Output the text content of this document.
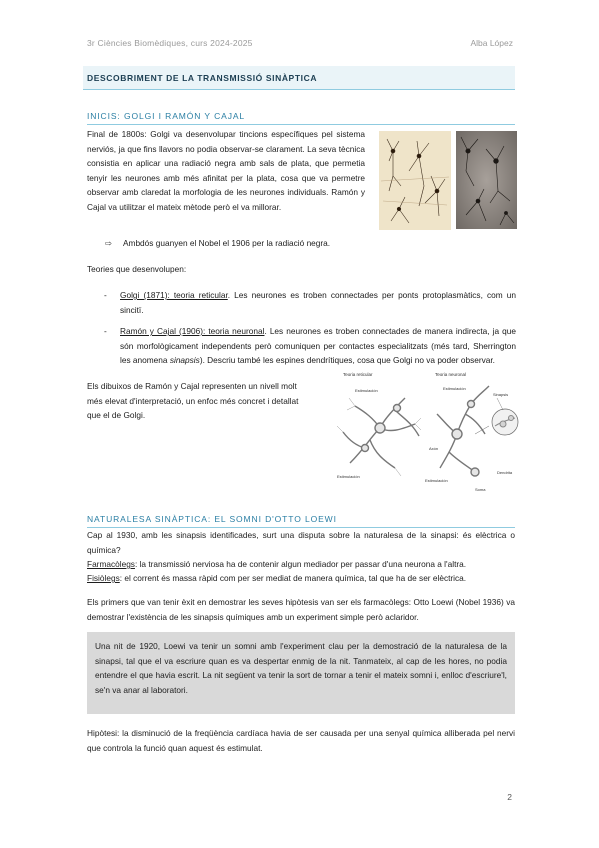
3r Ciències Biomèdiques, curs 2024-2025	Alba López
DESCOBRIMENT DE LA TRANSMISSIÓ SINÀPTICA
INICIS: GOLGI I RAMÓN Y CAJAL
Final de 1800s: Golgi va desenvolupar tincions específiques pel sistema nerviós, ja que fins llavors no podia observar-se clarament. La seva tècnica consistia en aplicar una radiació negra amb sals de plata, que permetia tenyir les neurones amb més afinitat per la plata, cosa que va permetre observar amb claredat la morfologia de les neurones individuals. Ramón y Cajal va utilitzar el mateix mètode però el va millorar.
⇨ Ambdós guanyen el Nobel el 1906 per la radiació negra.
Teories que desenvolupen:
- Golgi (1871): teoria reticular. Les neurones es troben connectades per ponts protoplasmàtics, com un sincitï.
- Ramón y Cajal (1906): teoria neuronal. Les neurones es troben connectades de manera indirecta, ja que són morfològicament independents però comuniquen per contactes especialitzats (més tard, Sherrington les anomena sinapsis). Descriu també les espines dendrítiques, cosa que Golgi no va poder observar.
Els dibuixos de Ramón y Cajal representen un nivell molt més elevat d'interpretació, un enfoc més concret i detallat que el de Golgi.
Teoria reticular
Estimulación
Estimulación
Teoria neuronal
Estimulación
Sinapsis
Axón
Dendrita
Estimulación
Soma
NATURALESA SINÀPTICA: EL SOMNI D'OTTO LOEWI
Cap al 1930, amb les sinapsis identificades, surt una disputa sobre la naturalesa de la sinapsi: és elèctrica o química?
Farmacòlegs: la transmissió nerviosa ha de contenir algun mediador per passar d'una neurona a l'altra.
Fisiòlegs: el corrent és massa ràpid com per ser mediat de manera química, tal que ha de ser elèctrica.
Els primers que van tenir èxit en demostrar les seves hipòtesis van ser els farmacòlegs: Otto Loewi (Nobel 1936) va demostrar l'existència de les sinapsis químiques amb un experiment simple però aclaridor.
Una nit de 1920, Loewi va tenir un somni amb l'experiment clau per la demostració de la naturalesa de la sinapsi, tal que el va escriure quan es va despertar enmig de la nit. Tanmateix, al cap de les hores, no podia entendre el que havia escrit. La nit següent va tenir la sort de tornar a tenir el mateix somni i, enlloc d'escriure'l, se'n va anar al laboratori.
Hipòtesi: la disminució de la freqüència cardíaca havia de ser causada per una senyal química alliberada pel nervi que controla la funció quan aquest és estimulat.
2
